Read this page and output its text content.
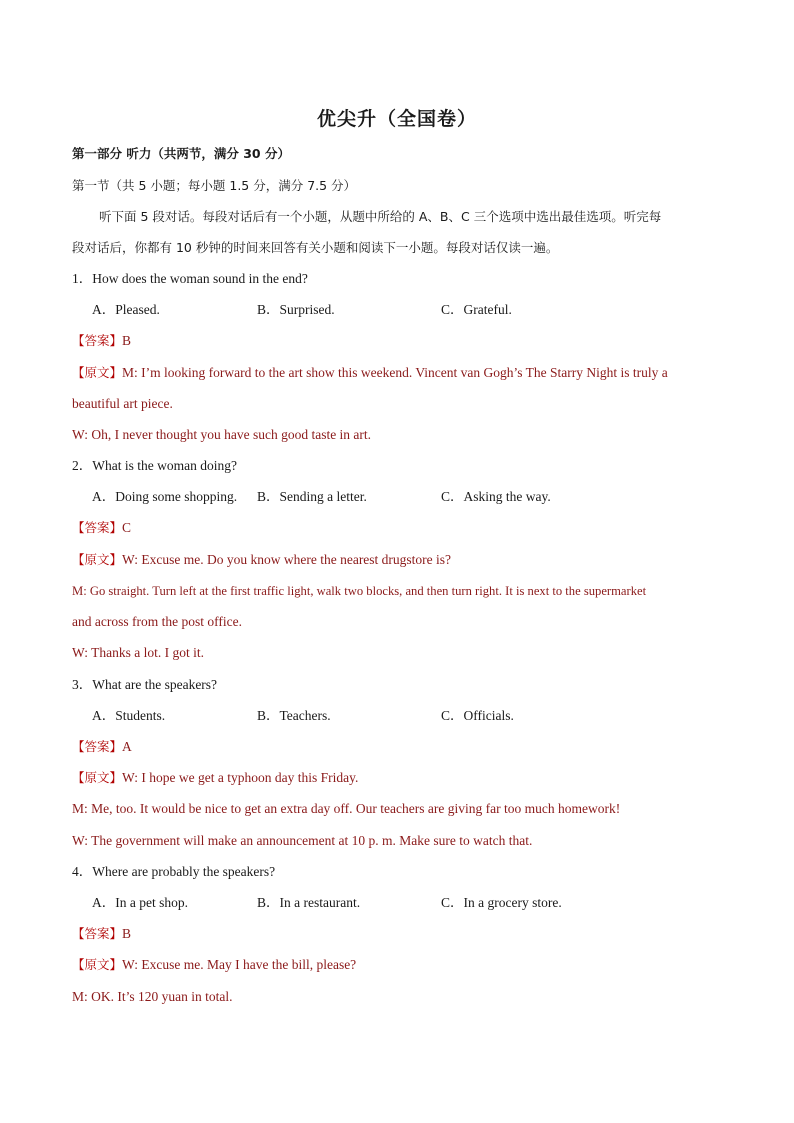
优尖升（全国卷）
第一部分 听力（共两节，满分 30 分）
第一节（共 5 小题；每小题 1.5 分，满分 7.5 分）
听下面 5 段对话。每段对话后有一个小题，从题中所给的 A、B、C 三个选项中选出最佳选项。听完每
段对话后，你都有 10 秒钟的时间来回答有关小题和阅读下一小题。每段对话仅读一遍。
1．How does the woman sound in the end?
A．Pleased.	B．Surprised.	C．Grateful.
【答案】B
【原文】M: I’m looking forward to the art show this weekend. Vincent van Gogh’s The Starry Night is truly a
beautiful art piece.
W: Oh, I never thought you have such good taste in art.
2．What is the woman doing?
A．Doing some shopping. B．Sending a letter.	C．Asking the way.
【答案】C
【原文】W: Excuse me. Do you know where the nearest drugstore is?
M: Go straight. Turn left at the first traffic light, walk two blocks, and then turn right. It is next to the supermarket
and across from the post office.
W: Thanks a lot. I got it.
3．What are the speakers?
A．Students.	B．Teachers.	C．Officials.
【答案】A
【原文】W: I hope we get a typhoon day this Friday.
M: Me, too. It would be nice to get an extra day off. Our teachers are giving far too much homework!
W: The government will make an announcement at 10 p. m. Make sure to watch that.
4．Where are probably the speakers?
A．In a pet shop.	B．In a restaurant.	C．In a grocery store.
【答案】B
【原文】W: Excuse me. May I have the bill, please?
M: OK. It’s 120 yuan in total.
